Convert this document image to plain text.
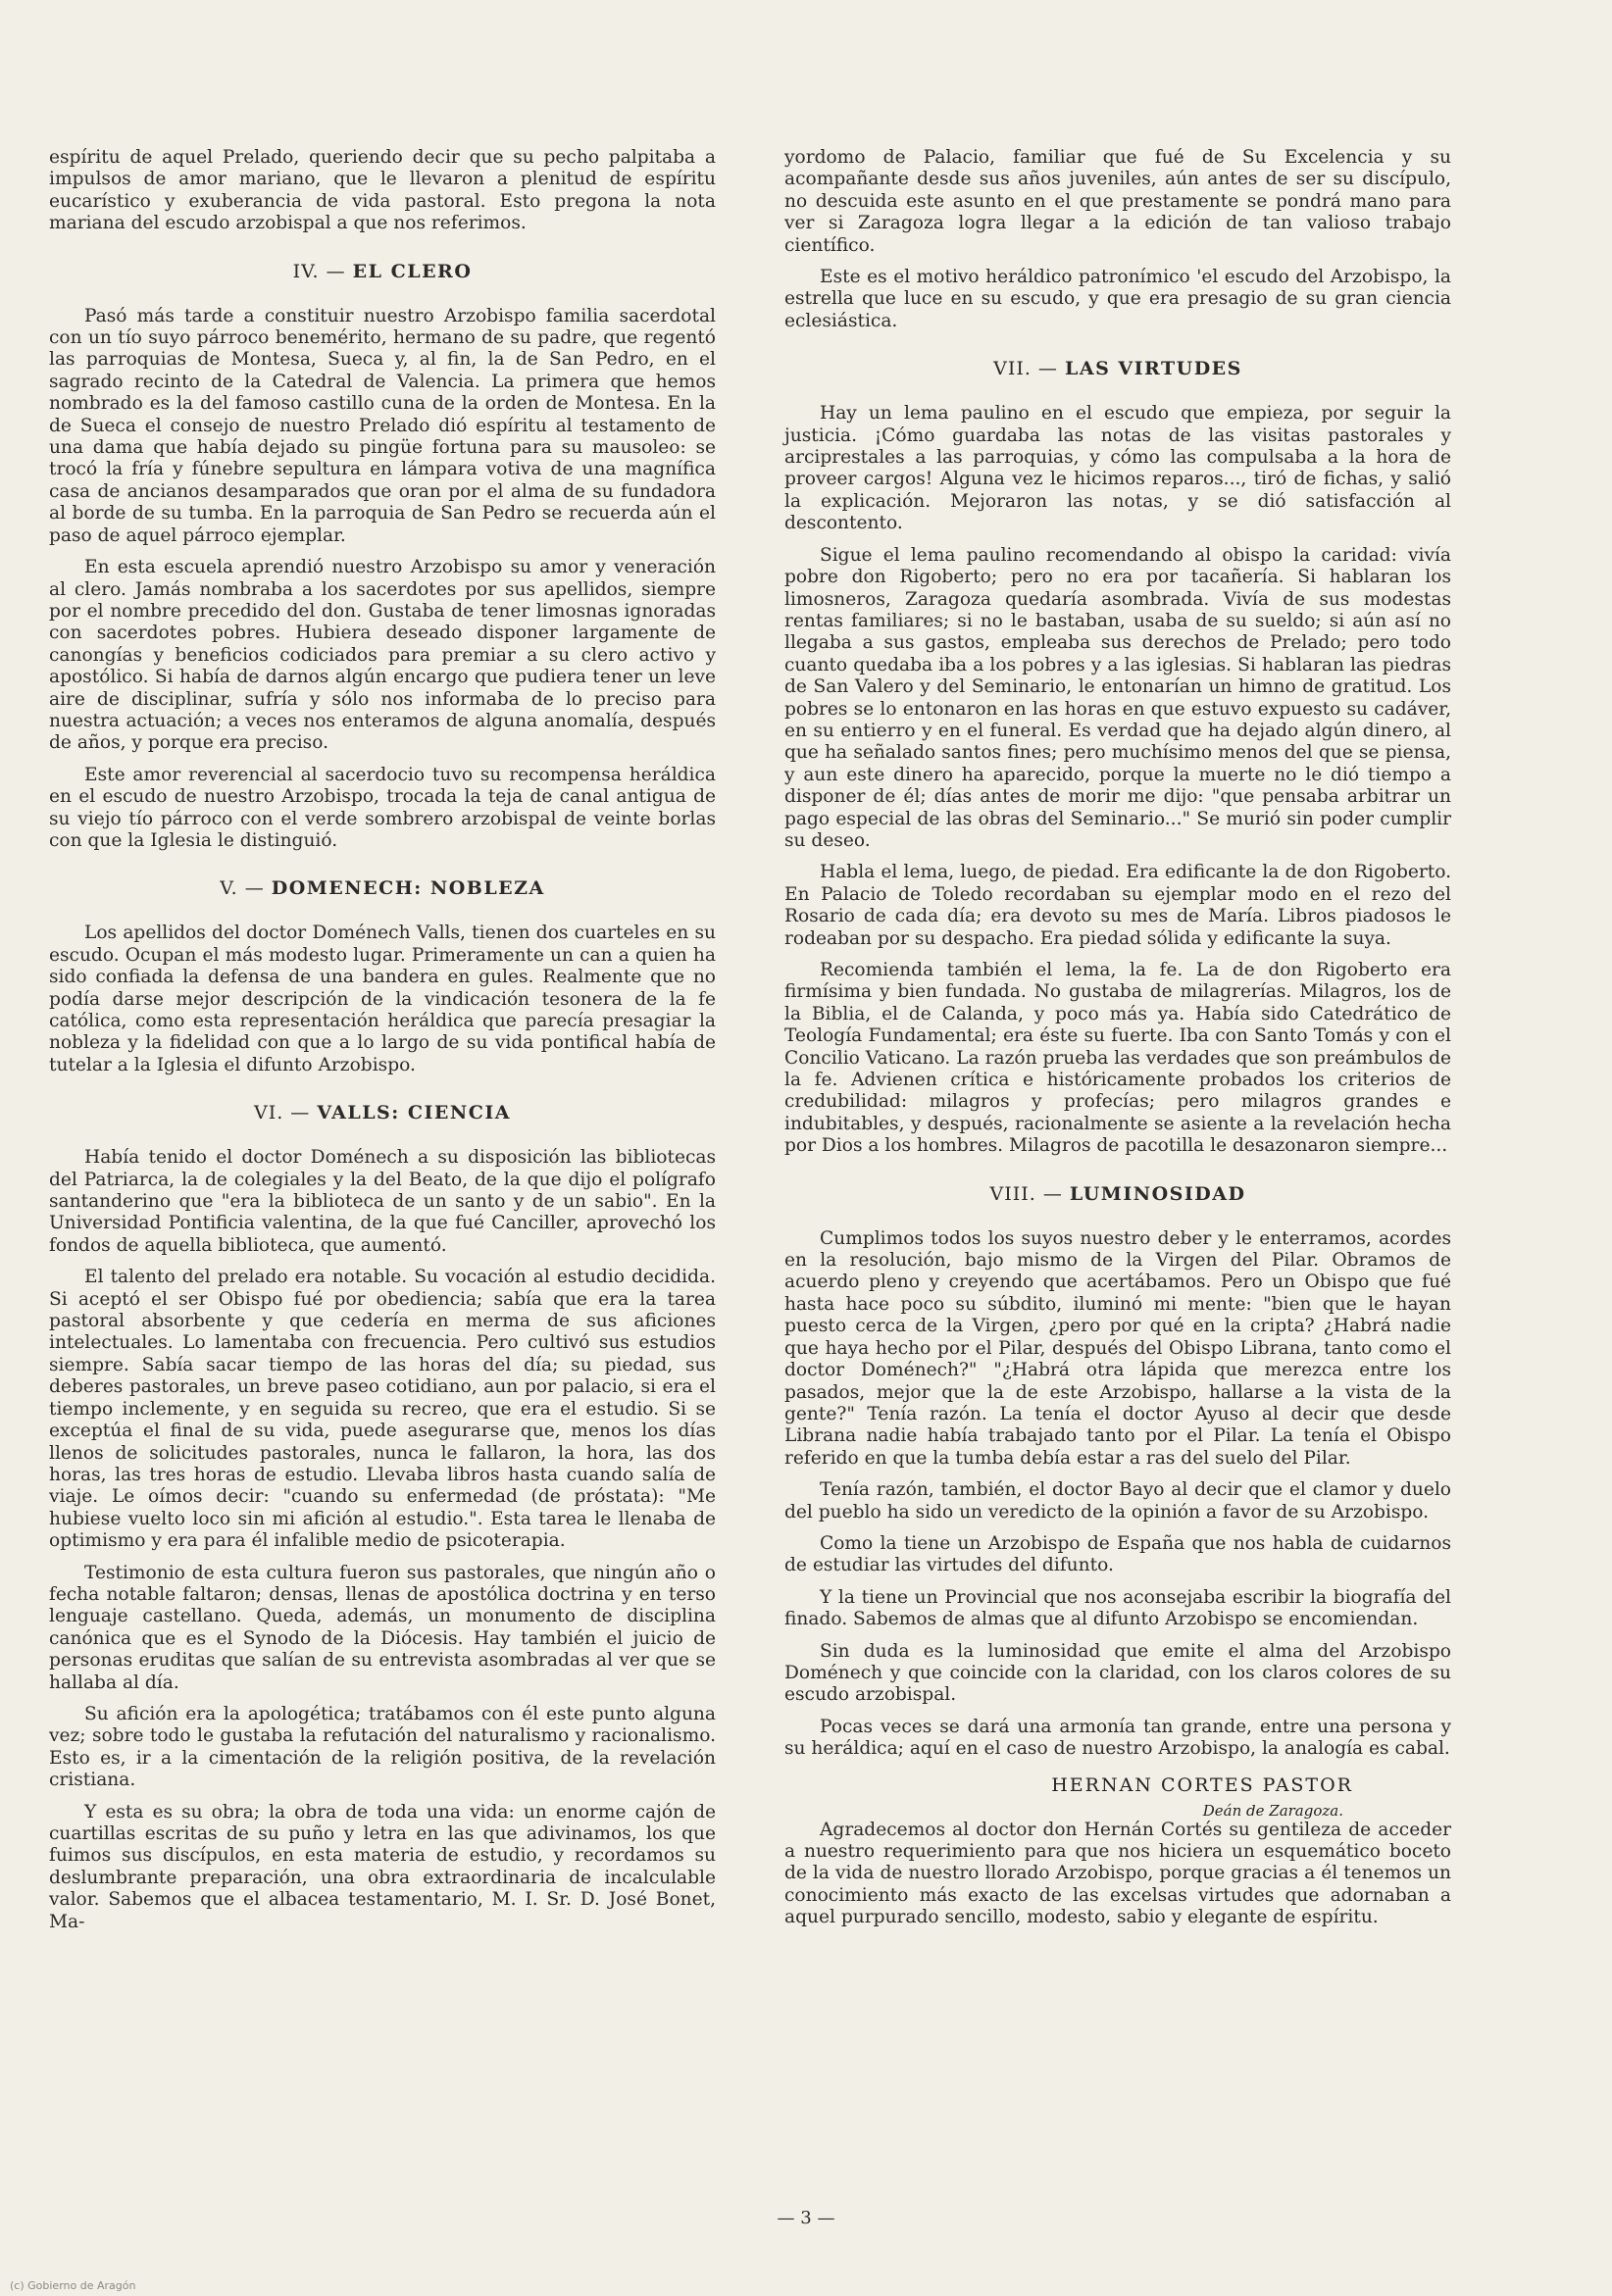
espíritu de aquel Prelado, queriendo decir que su pecho palpitaba a impulsos de amor mariano, que le llevaron a plenitud de espíritu eucarístico y exuberancia de vida pastoral. Esto pregona la nota mariana del escudo arzobispal a que nos referimos.

IV. — EL CLERO

Pasó más tarde a constituir nuestro Arzobispo familia sacerdotal con un tío suyo párroco benemérito, hermano de su padre, que regentó las parroquias de Montesa, Sueca y, al fin, la de San Pedro, en el sagrado recinto de la Catedral de Valencia. La primera que hemos nombrado es la del famoso castillo cuna de la orden de Montesa. En la de Sueca el consejo de nuestro Prelado dió espíritu al testamento de una dama que había dejado su pingüe fortuna para su mausoleo: se trocó la fría y fúnebre sepultura en lámpara votiva de una magnífica casa de ancianos desamparados que oran por el alma de su fundadora al borde de su tumba. En la parroquia de San Pedro se recuerda aún el paso de aquel párroco ejemplar.

En esta escuela aprendió nuestro Arzobispo su amor y veneración al clero. Jamás nombraba a los sacerdotes por sus apellidos, siempre por el nombre precedido del don. Gustaba de tener limosnas ignoradas con sacerdotes pobres. Hubiera deseado disponer largamente de canongías y beneficios codiciados para premiar a su clero activo y apostólico. Si había de darnos algún encargo que pudiera tener un leve aire de disciplinar, sufría y sólo nos informaba de lo preciso para nuestra actuación; a veces nos enteramos de alguna anomalía, después de años, y porque era preciso.

Este amor reverencial al sacerdocio tuvo su recompensa heráldica en el escudo de nuestro Arzobispo, trocada la teja de canal antigua de su viejo tío párroco con el verde sombrero arzobispal de veinte borlas con que la Iglesia le distinguió.

V. — DOMENECH: NOBLEZA

Los apellidos del doctor Doménech Valls, tienen dos cuarteles en su escudo. Ocupan el más modesto lugar. Primeramente un can a quien ha sido confiada la defensa de una bandera en gules. Realmente que no podía darse mejor descripción de la vindicación tesonera de la fe católica, como esta representación heráldica que parecía presagiar la nobleza y la fidelidad con que a lo largo de su vida pontifical había de tutelar a la Iglesia el difunto Arzobispo.

VI. — VALLS: CIENCIA

Había tenido el doctor Doménech a su disposición las bibliotecas del Patriarca, la de colegiales y la del Beato, de la que dijo el polígrafo santanderino que "era la biblioteca de un santo y de un sabio". En la Universidad Pontificia valentina, de la que fué Canciller, aprovechó los fondos de aquella biblioteca, que aumentó.

El talento del prelado era notable. Su vocación al estudio decidida. Si aceptó el ser Obispo fué por obediencia; sabía que era la tarea pastoral absorbente y que cedería en merma de sus aficiones intelectuales. Lo lamentaba con frecuencia. Pero cultivó sus estudios siempre. Sabía sacar tiempo de las horas del día; su piedad, sus deberes pastorales, un breve paseo cotidiano, aun por palacio, si era el tiempo inclemente, y en seguida su recreo, que era el estudio. Si se exceptúa el final de su vida, puede asegurarse que, menos los días llenos de solicitudes pastorales, nunca le fallaron, la hora, las dos horas, las tres horas de estudio. Llevaba libros hasta cuando salía de viaje. Le oímos decir: "cuando su enfermedad (de próstata): "Me hubiese vuelto loco sin mi afición al estudio.". Esta tarea le llenaba de optimismo y era para él infalible medio de psicoterapia.

Testimonio de esta cultura fueron sus pastorales, que ningún año o fecha notable faltaron; densas, llenas de apostólica doctrina y en terso lenguaje castellano. Queda, además, un monumento de disciplina canónica que es el Synodo de la Diócesis. Hay también el juicio de personas eruditas que salían de su entrevista asombradas al ver que se hallaba al día.

Su afición era la apologética; tratábamos con él este punto alguna vez; sobre todo le gustaba la refutación del naturalismo y racionalismo. Esto es, ir a la cimentación de la religión positiva, de la revelación cristiana.

Y esta es su obra; la obra de toda una vida: un enorme cajón de cuartillas escritas de su puño y letra en las que adivinamos, los que fuimos sus discípulos, en esta materia de estudio, y recordamos su deslumbrante preparación, una obra extraordinaria de incalculable valor. Sabemos que el albacea testamentario, M. I. Sr. D. José Bonet, Ma-

yordomo de Palacio, familiar que fué de Su Excelencia y su acompañante desde sus años juveniles, aún antes de ser su discípulo, no descuida este asunto en el que prestamente se pondrá mano para ver si Zaragoza logra llegar a la edición de tan valioso trabajo científico.

Este es el motivo heráldico patronímico 'el escudo del Arzobispo, la estrella que luce en su escudo, y que era presagio de su gran ciencia eclesiástica.

VII. — LAS VIRTUDES

Hay un lema paulino en el escudo que empieza, por seguir la justicia. ¡Cómo guardaba las notas de las visitas pastorales y arciprestales a las parroquias, y cómo las compulsaba a la hora de proveer cargos! Alguna vez le hicimos reparos..., tiró de fichas, y salió la explicación. Mejoraron las notas, y se dió satisfacción al descontento.

Sigue el lema paulino recomendando al obispo la caridad: vivía pobre don Rigoberto; pero no era por tacañería. Si hablaran los limosneros, Zaragoza quedaría asombrada. Vivía de sus modestas rentas familiares; si no le bastaban, usaba de su sueldo; si aún así no llegaba a sus gastos, empleaba sus derechos de Prelado; pero todo cuanto quedaba iba a los pobres y a las iglesias. Si hablaran las piedras de San Valero y del Seminario, le entonarían un himno de gratitud. Los pobres se lo entonaron en las horas en que estuvo expuesto su cadáver, en su entierro y en el funeral. Es verdad que ha dejado algún dinero, al que ha señalado santos fines; pero muchísimo menos del que se piensa, y aun este dinero ha aparecido, porque la muerte no le dió tiempo a disponer de él; días antes de morir me dijo: "que pensaba arbitrar un pago especial de las obras del Seminario..." Se murió sin poder cumplir su deseo.

Habla el lema, luego, de piedad. Era edificante la de don Rigoberto. En Palacio de Toledo recordaban su ejemplar modo en el rezo del Rosario de cada día; era devoto su mes de María. Libros piadosos le rodeaban por su despacho. Era piedad sólida y edificante la suya.

Recomienda también el lema, la fe. La de don Rigoberto era firmísima y bien fundada. No gustaba de milagrerías. Milagros, los de la Biblia, el de Calanda, y poco más ya. Había sido Catedrático de Teología Fundamental; era éste su fuerte. Iba con Santo Tomás y con el Concilio Vaticano. La razón prueba las verdades que son preámbulos de la fe. Advienen crítica e históricamente probados los criterios de credubilidad: milagros y profecías; pero milagros grandes e indubitables, y después, racionalmente se asiente a la revelación hecha por Dios a los hombres. Milagros de pacotilla le desazonaron siempre...

VIII. — LUMINOSIDAD

Cumplimos todos los suyos nuestro deber y le enterramos, acordes en la resolución, bajo mismo de la Virgen del Pilar. Obramos de acuerdo pleno y creyendo que acertábamos. Pero un Obispo que fué hasta hace poco su súbdito, iluminó mi mente: "bien que le hayan puesto cerca de la Virgen, ¿pero por qué en la cripta? ¿Habrá nadie que haya hecho por el Pilar, después del Obispo Librana, tanto como el doctor Doménech?" "¿Habrá otra lápida que merezca entre los pasados, mejor que la de este Arzobispo, hallarse a la vista de la gente?" Tenía razón. La tenía el doctor Ayuso al decir que desde Librana nadie había trabajado tanto por el Pilar. La tenía el Obispo referido en que la tumba debía estar a ras del suelo del Pilar.

Tenía razón, también, el doctor Bayo al decir que el clamor y duelo del pueblo ha sido un veredicto de la opinión a favor de su Arzobispo.

Como la tiene un Arzobispo de España que nos habla de cuidarnos de estudiar las virtudes del difunto.

Y la tiene un Provincial que nos aconsejaba escribir la biografía del finado. Sabemos de almas que al difunto Arzobispo se encomiendan.

Sin duda es la luminosidad que emite el alma del Arzobispo Doménech y que coincide con la claridad, con los claros colores de su escudo arzobispal.

Pocas veces se dará una armonía tan grande, entre una persona y su heráldica; aquí en el caso de nuestro Arzobispo, la analogía es cabal.

HERNAN CORTES PASTOR
Deán de Zaragoza.

Agradecemos al doctor don Hernán Cortés su gentileza de acceder a nuestro requerimiento para que nos hiciera un esquemático boceto de la vida de nuestro llorado Arzobispo, porque gracias a él tenemos un conocimiento más exacto de las excelsas virtudes que adornaban a aquel purpurado sencillo, modesto, sabio y elegante de espíritu.

— 3 —
(c) Gobierno de Aragón
